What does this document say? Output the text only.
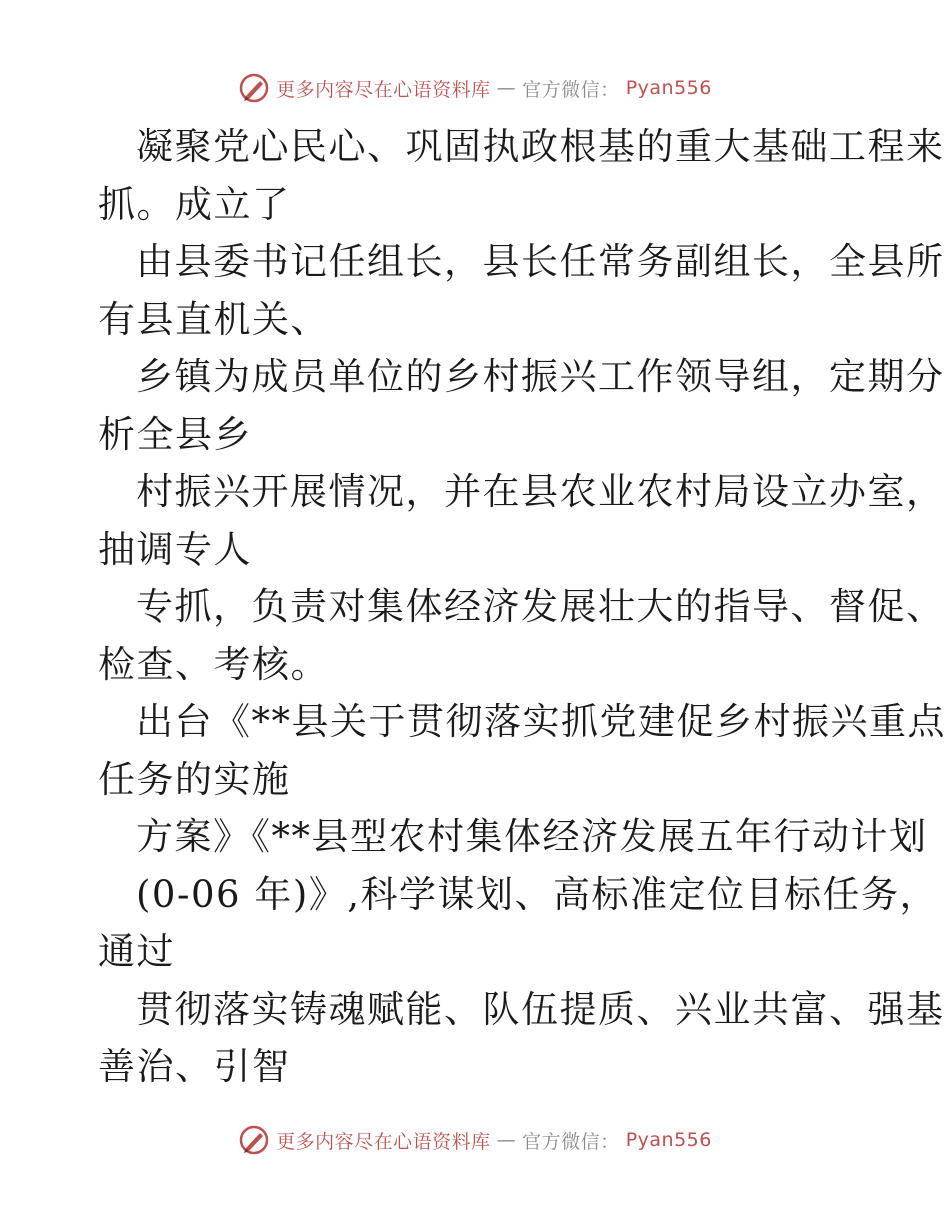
更多内容尽在心语资料库 — 官方微信： Pyan556
凝聚党心民心、巩固执政根基的重大基础工程来
抓。成立了
由县委书记任组长，县长任常务副组长，全县所
有县直机关、
乡镇为成员单位的乡村振兴工作领导组，定期分
析全县乡
村振兴开展情况，并在县农业农村局设立办室，
抽调专人
专抓，负责对集体经济发展壮大的指导、督促、
检查、考核。
出台《**县关于贯彻落实抓党建促乡村振兴重点
任务的实施
方案》《**县型农村集体经济发展五年行动计划
(0-06 年)》,科学谋划、高标准定位目标任务，
通过
贯彻落实铸魂赋能、队伍提质、兴业共富、强基
善治、引智
更多内容尽在心语资料库 — 官方微信： Pyan556
